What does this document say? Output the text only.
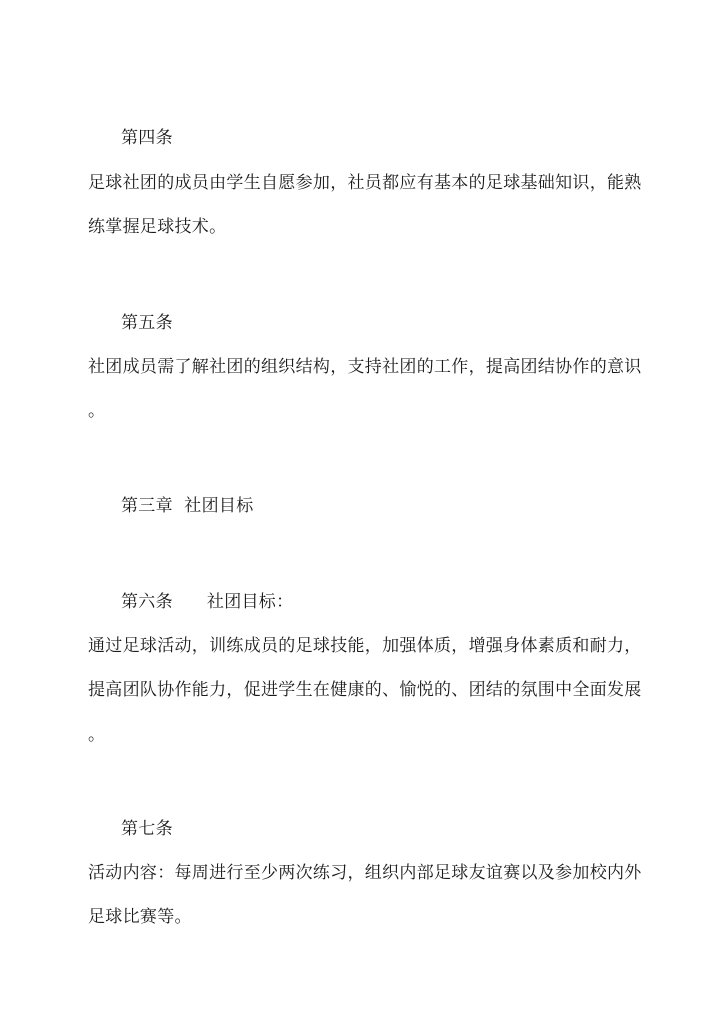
第四条
足球社团的成员由学生自愿参加，社员都应有基本的足球基础知识，能熟
练掌握足球技术。
第五条
社团成员需了解社团的组织结构，支持社团的工作，提高团结协作的意识
。
第三章  社团目标
第六条 社团目标：
通过足球活动，训练成员的足球技能，加强体质，增强身体素质和耐力，
提高团队协作能力，促进学生在健康的、愉悦的、团结的氛围中全面发展
。
第七条
活动内容：每周进行至少两次练习，组织内部足球友谊赛以及参加校内外
足球比赛等。
